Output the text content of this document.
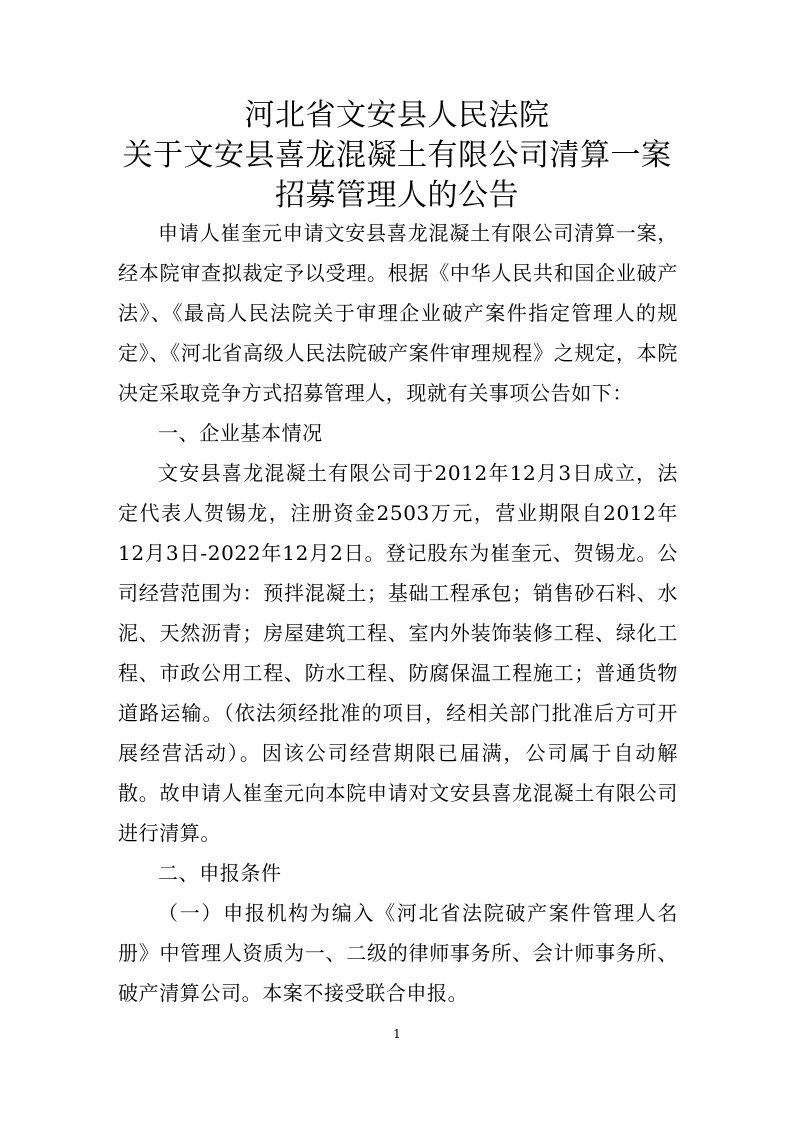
河北省文安县人民法院
关于文安县喜龙混凝土有限公司清算一案
招募管理人的公告

申请人崔奎元申请文安县喜龙混凝土有限公司清算一案，经本院审查拟裁定予以受理。根据《中华人民共和国企业破产法》、《最高人民法院关于审理企业破产案件指定管理人的规定》、《河北省高级人民法院破产案件审理规程》之规定，本院决定采取竞争方式招募管理人，现就有关事项公告如下：

一、企业基本情况

文安县喜龙混凝土有限公司于2012年12月3日成立，法定代表人贺锡龙，注册资金2503万元，营业期限自2012年12月3日-2022年12月2日。登记股东为崔奎元、贺锡龙。公司经营范围为：预拌混凝土；基础工程承包；销售砂石料、水泥、天然沥青；房屋建筑工程、室内外装饰装修工程、绿化工程、市政公用工程、防水工程、防腐保温工程施工；普通货物道路运输。（依法须经批准的项目，经相关部门批准后方可开展经营活动）。因该公司经营期限已届满，公司属于自动解散。故申请人崔奎元向本院申请对文安县喜龙混凝土有限公司进行清算。

二、申报条件

（一）申报机构为编入《河北省法院破产案件管理人名册》中管理人资质为一、二级的律师事务所、会计师事务所、破产清算公司。本案不接受联合申报。

1
